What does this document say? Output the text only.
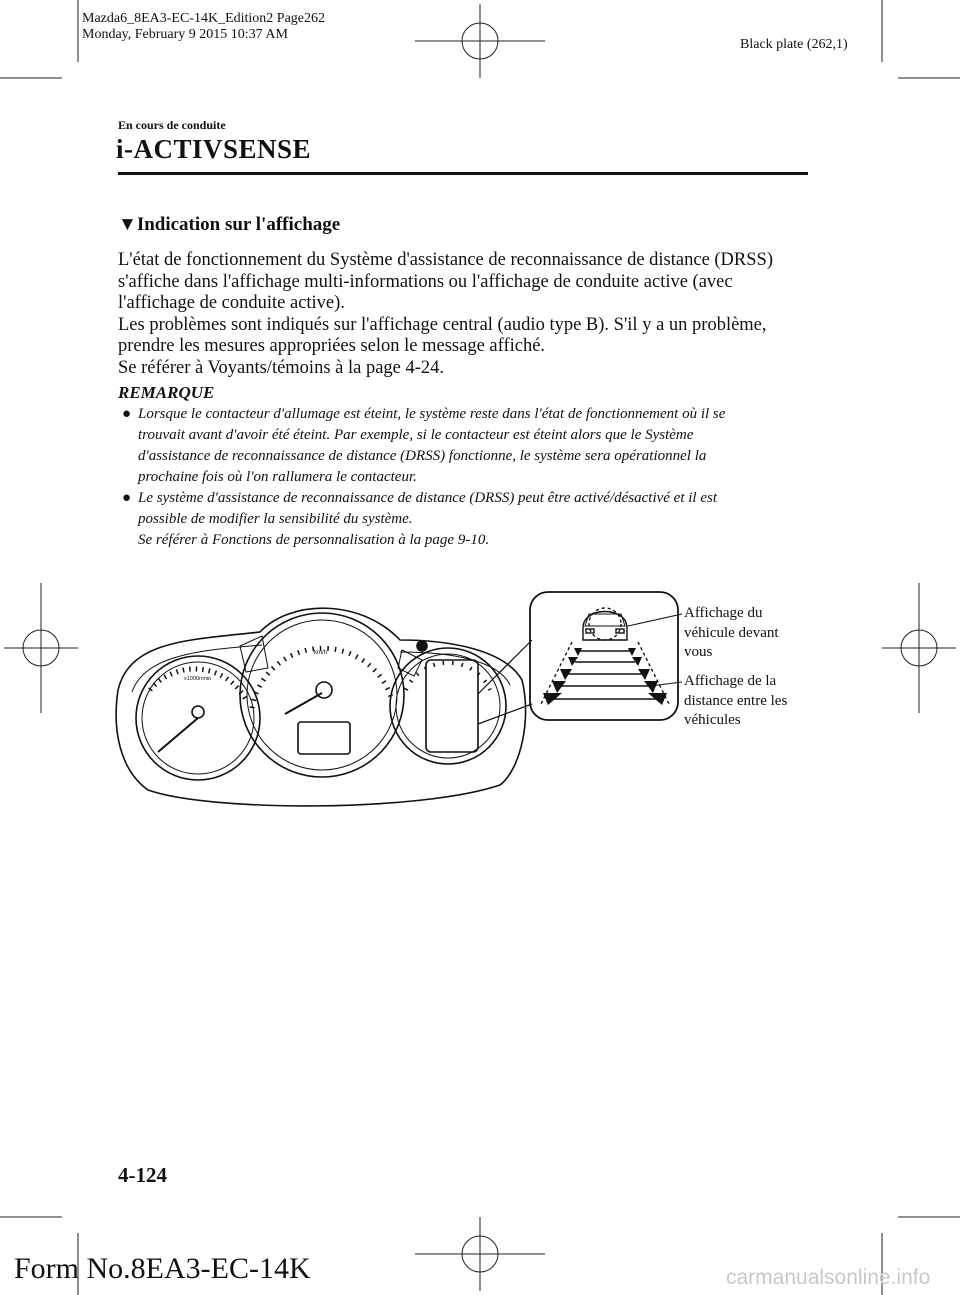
Mazda6_8EA3-EC-14K_Edition2 Page262
Monday, February 9 2015 10:37 AM
Black plate (262,1)
En cours de conduite
i-ACTIVSENSE
▼Indication sur l'affichage
L'état de fonctionnement du Système d'assistance de reconnaissance de distance (DRSS)
s'affiche dans l'affichage multi-informations ou l'affichage de conduite active (avec
l'affichage de conduite active).
Les problèmes sont indiqués sur l'affichage central (audio type B). S'il y a un problème,
prendre les mesures appropriées selon le message affiché.
Se référer à Voyants/témoins à la page 4-24.
REMARQUE
● Lorsque le contacteur d'allumage est éteint, le système reste dans l'état de fonctionnement où il se
trouvait avant d'avoir été éteint. Par exemple, si le contacteur est éteint alors que le Système
d'assistance de reconnaissance de distance (DRSS) fonctionne, le système sera opérationnel la
prochaine fois où l'on rallumera le contacteur.
● Le système d'assistance de reconnaissance de distance (DRSS) peut être activé/désactivé et il est
possible de modifier la sensibilité du système.
Se référer à Fonctions de personnalisation à la page 9-10.
x1000r/min
km/h
Affichage du
véhicule devant
vous
Affichage de la
distance entre les
véhicules
4-124
Form No.8EA3-EC-14K	carmanualsonline.info
